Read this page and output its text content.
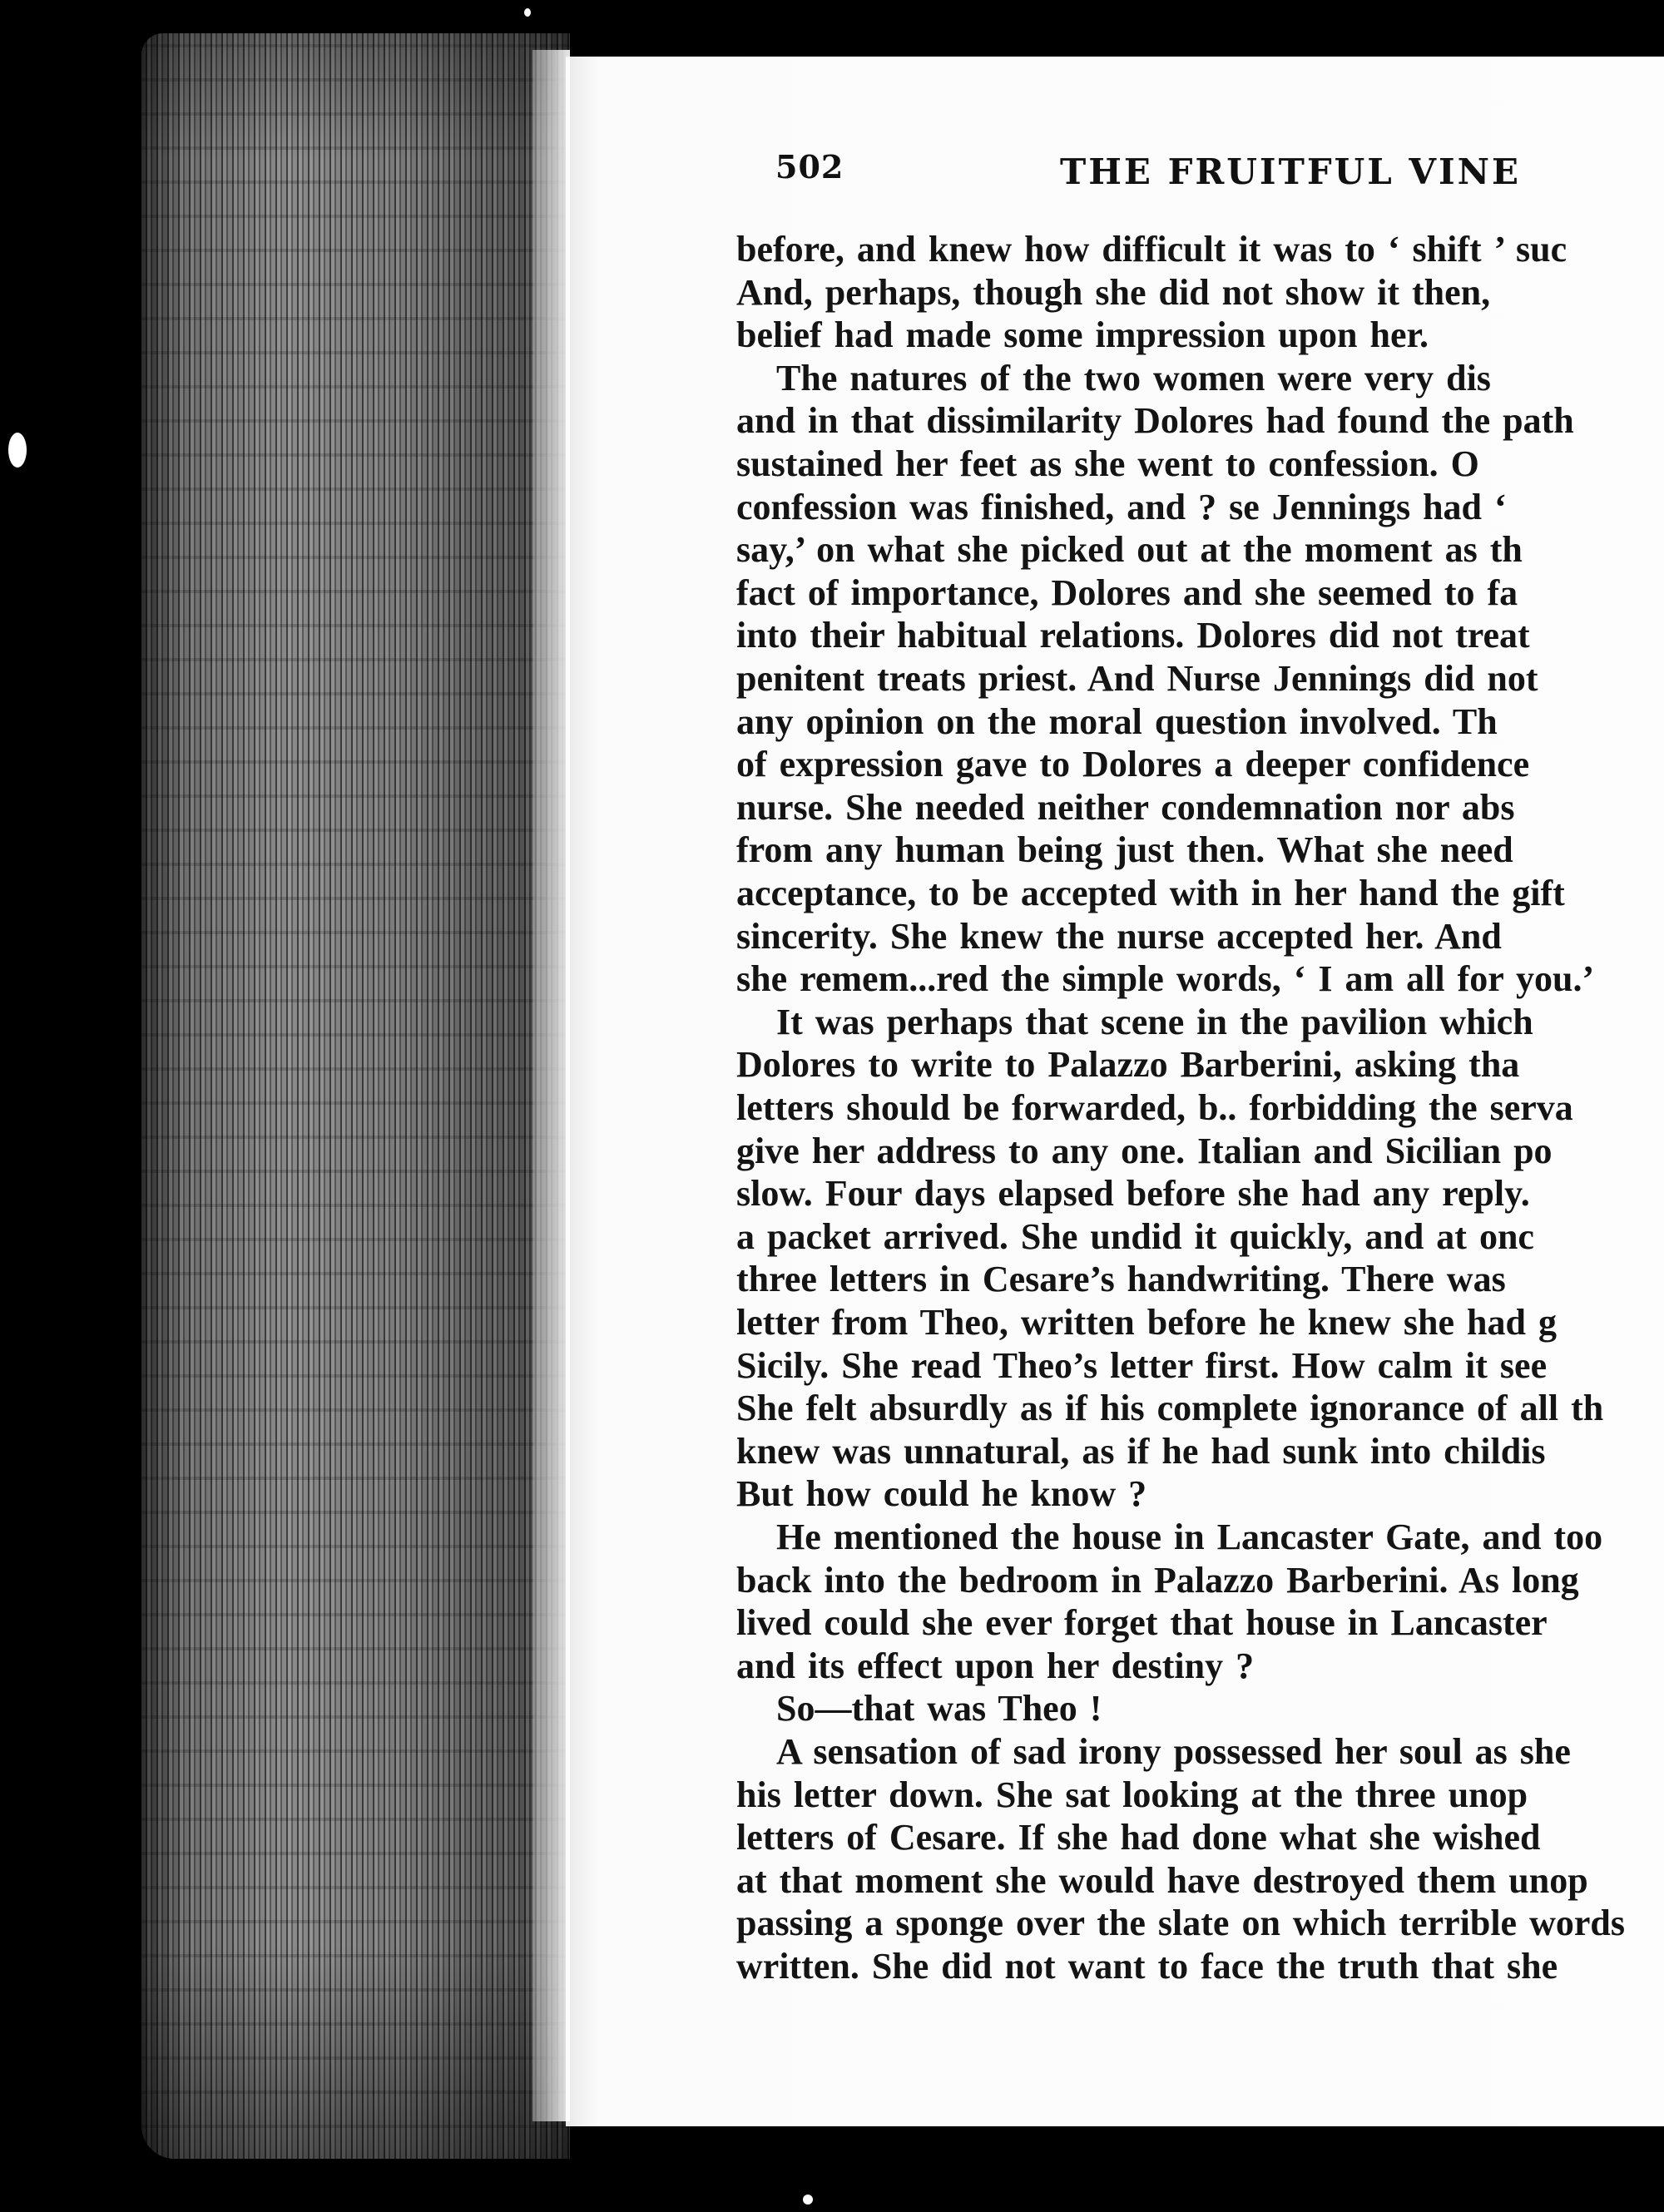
502	THE FRUITFUL VINE
before, and knew how difficult it was to ‘ shift ’ suc
And, perhaps, though she did not show it then,
belief had made some impression upon her.
The natures of the two women were very dis
and in that dissimilarity Dolores had found the path
sustained her feet as she went to confession. O
confession was finished, and ? se Jennings had ‘
say,’ on what she picked out at the moment as th
fact of importance, Dolores and she seemed to fa
into their habitual relations. Dolores did not treat
penitent treats priest. And Nurse Jennings did not
any opinion on the moral question involved. Th
of expression gave to Dolores a deeper confidence
nurse. She needed neither condemnation nor abs
from any human being just then. What she need
acceptance, to be accepted with in her hand the gift
sincerity. She knew the nurse accepted her. And
she remem...red the simple words, ‘ I am all for you.’
It was perhaps that scene in the pavilion which
Dolores to write to Palazzo Barberini, asking tha
letters should be forwarded, b.. forbidding the serva
give her address to any one. Italian and Sicilian po
slow. Four days elapsed before she had any reply.
a packet arrived. She undid it quickly, and at onc
three letters in Cesare’s handwriting. There was
letter from Theo, written before he knew she had g
Sicily. She read Theo’s letter first. How calm it see
She felt absurdly as if his complete ignorance of all th
knew was unnatural, as if he had sunk into childis
But how could he know ?
He mentioned the house in Lancaster Gate, and too
back into the bedroom in Palazzo Barberini. As long
lived could she ever forget that house in Lancaster
and its effect upon her destiny ?
So—that was Theo !
A sensation of sad irony possessed her soul as she
his letter down. She sat looking at the three unop
letters of Cesare. If she had done what she wished
at that moment she would have destroyed them unop
passing a sponge over the slate on which terrible words
written. She did not want to face the truth that she
